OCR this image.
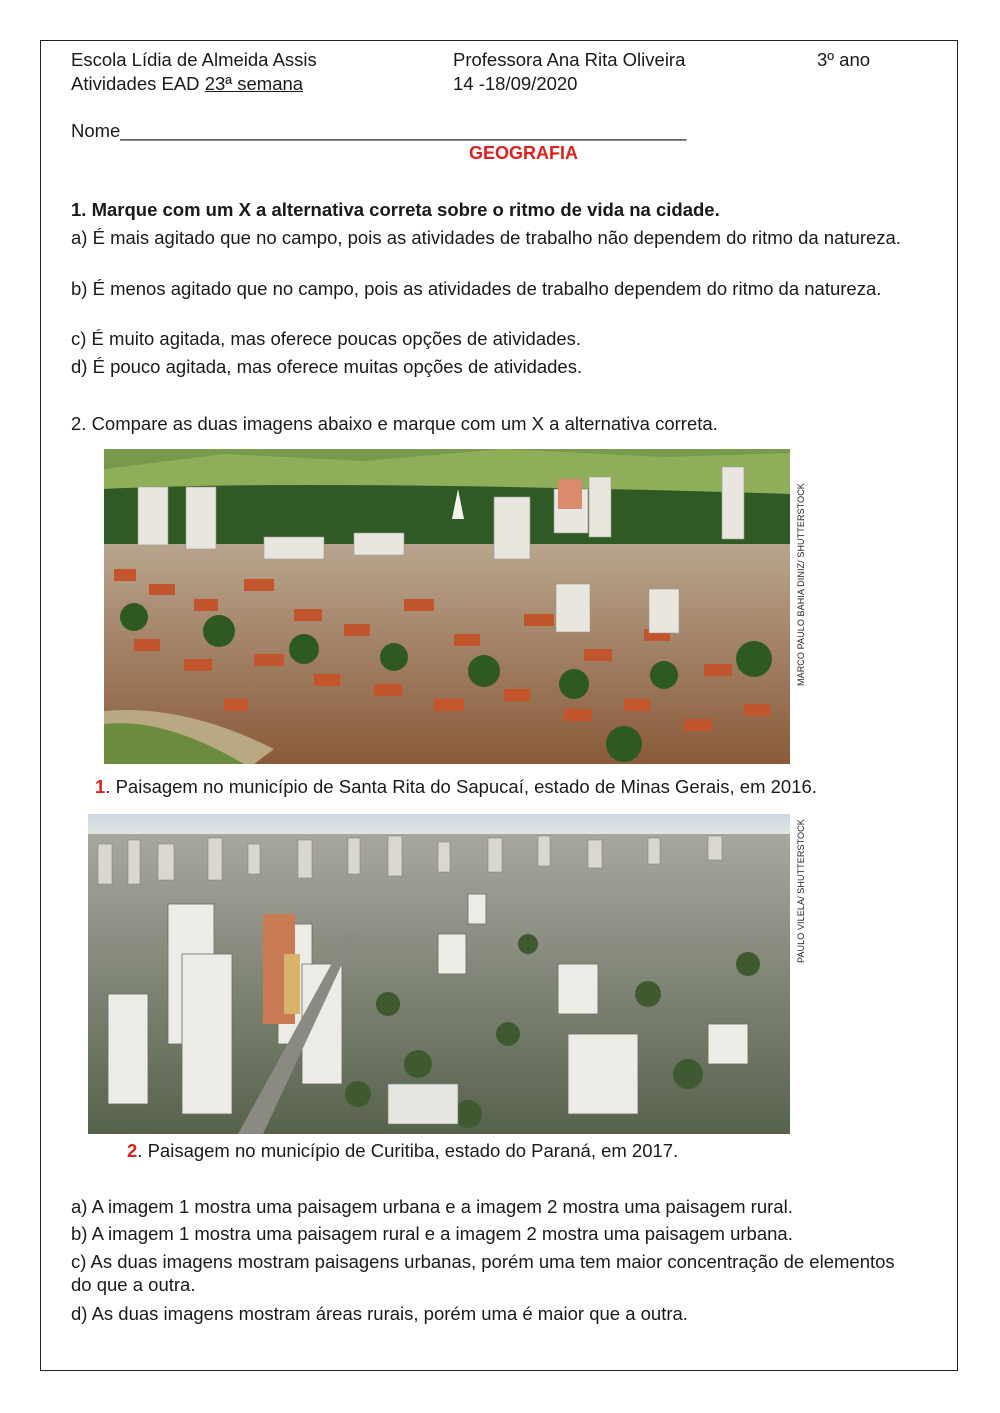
Escola Lídia de Almeida Assis
Atividades EAD 23ª semana
Professora Ana Rita Oliveira
14 -18/09/2020
3º ano
Nome_______________________________________________________
GEOGRAFIA
1. Marque com um X a alternativa correta sobre o ritmo de vida na cidade.
a) É mais agitado que no campo, pois as atividades de trabalho não dependem do ritmo da natureza.
b) É menos agitado que no campo, pois as atividades de trabalho dependem do ritmo da natureza.
c) É muito agitada, mas oferece poucas opções de atividades.
d) É pouco agitada, mas oferece muitas opções de atividades.
2. Compare as duas imagens abaixo e marque com um X a alternativa correta.
MARCO PAULO BAHIA DINIZ/ SHUTTERSTOCK
1. Paisagem no município de Santa Rita do Sapucaí, estado de Minas Gerais, em 2016.
PAULO VILELA/ SHUTTERSTOCK
2. Paisagem no município de Curitiba, estado do Paraná, em 2017.
a) A imagem 1 mostra uma paisagem urbana e a imagem 2 mostra uma paisagem rural.
b) A imagem 1 mostra uma paisagem rural e a imagem 2 mostra uma paisagem urbana.
c) As duas imagens mostram paisagens urbanas, porém uma tem maior concentração de elementos do que a outra.
d) As duas imagens mostram áreas rurais, porém uma é maior que a outra.
